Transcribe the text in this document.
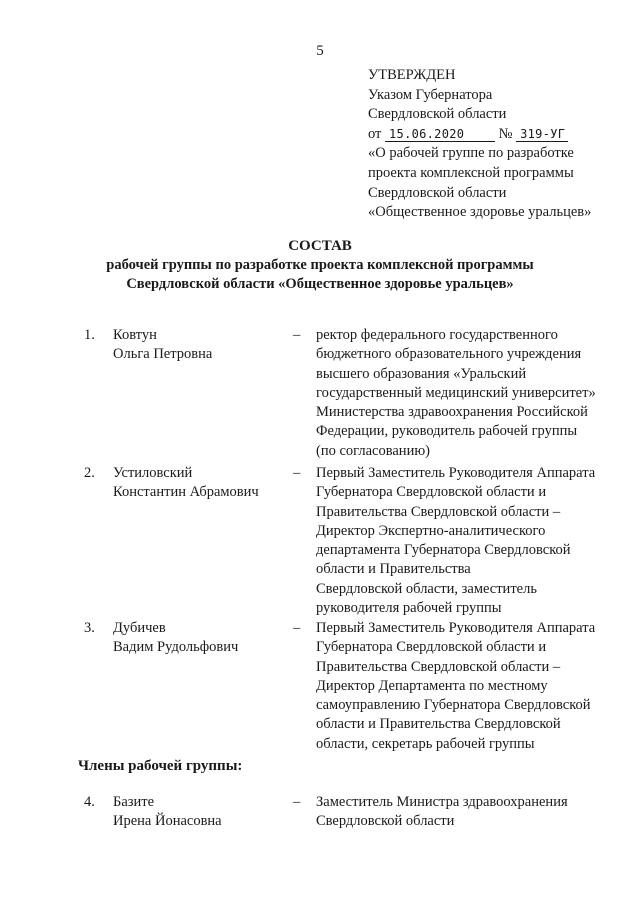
5
УТВЕРЖДЕН
Указом Губернатора
Свердловской области
от 15.06.2020 № 319-УГ
«О рабочей группе по разработке
проекта комплексной программы
Свердловской области
«Общественное здоровье уральцев»
СОСТАВ
рабочей группы по разработке проекта комплексной программы
Свердловской области «Общественное здоровье уральцев»
1. Ковтун
Ольга Петровна
– ректор федерального государственного
бюджетного образовательного учреждения
высшего образования «Уральский
государственный медицинский университет»
Министерства здравоохранения Российской
Федерации, руководитель рабочей группы
(по согласованию)
2. Устиловский
Константин Абрамович
– Первый Заместитель Руководителя Аппарата
Губернатора Свердловской области и
Правительства Свердловской области –
Директор Экспертно-аналитического
департамента Губернатора Свердловской
области и Правительства
Свердловской области, заместитель
руководителя рабочей группы
3. Дубичев
Вадим Рудольфович
– Первый Заместитель Руководителя Аппарата
Губернатора Свердловской области и
Правительства Свердловской области –
Директор Департамента по местному
самоуправлению Губернатора Свердловской
области и Правительства Свердловской
области, секретарь рабочей группы
Члены рабочей группы:
4. Базите
Ирена Йонасовна
– Заместитель Министра здравоохранения
Свердловской области
